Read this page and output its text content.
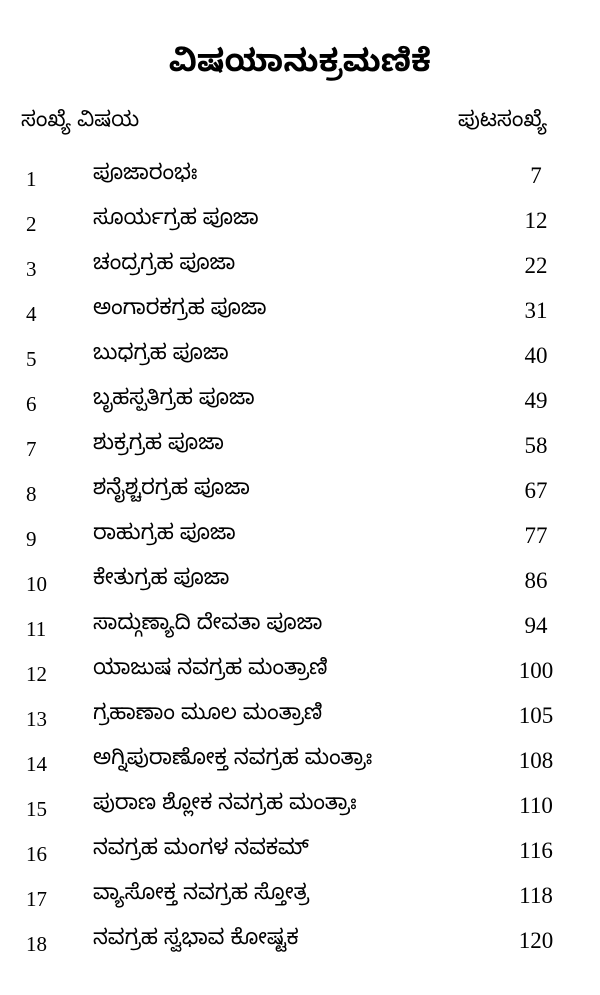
ವಿಷಯಾನುಕ್ರಮಣಿಕೆ
ಸಂಖ್ಯೆ ವಿಷಯ	ಪುಟಸಂಖ್ಯೆ
1	ಪೂಜಾರಂಭಃ	7
2	ಸೂರ್ಯಗ್ರಹ ಪೂಜಾ	12
3	ಚಂದ್ರಗ್ರಹ ಪೂಜಾ	22
4	ಅಂಗಾರಕಗ್ರಹ ಪೂಜಾ	31
5	ಬುಧಗ್ರಹ ಪೂಜಾ	40
6	ಬೃಹಸ್ಪತಿಗ್ರಹ ಪೂಜಾ	49
7	ಶುಕ್ರಗ್ರಹ ಪೂಜಾ	58
8	ಶನೈಶ್ಚರಗ್ರಹ ಪೂಜಾ	67
9	ರಾಹುಗ್ರಹ ಪೂಜಾ	77
10	ಕೇತುಗ್ರಹ ಪೂಜಾ	86
11	ಸಾದ್ಗುಣ್ಯಾದಿ ದೇವತಾ ಪೂಜಾ	94
12	ಯಾಜುಷ ನವಗ್ರಹ ಮಂತ್ರಾಣಿ	100
13	ಗ್ರಹಾಣಾಂ ಮೂಲ ಮಂತ್ರಾಣಿ	105
14	ಅಗ್ನಿಪುರಾಣೋಕ್ತ ನವಗ್ರಹ ಮಂತ್ರಾಃ	108
15	ಪುರಾಣ ಶ್ಲೋಕ ನವಗ್ರಹ ಮಂತ್ರಾಃ	110
16	ನವಗ್ರಹ ಮಂಗಳ ನವಕಮ್	116
17	ವ್ಯಾಸೋಕ್ತ ನವಗ್ರಹ ಸ್ತೋತ್ರ	118
18	ನವಗ್ರಹ ಸ್ವಭಾವ ಕೋಷ್ಟಕ	120
